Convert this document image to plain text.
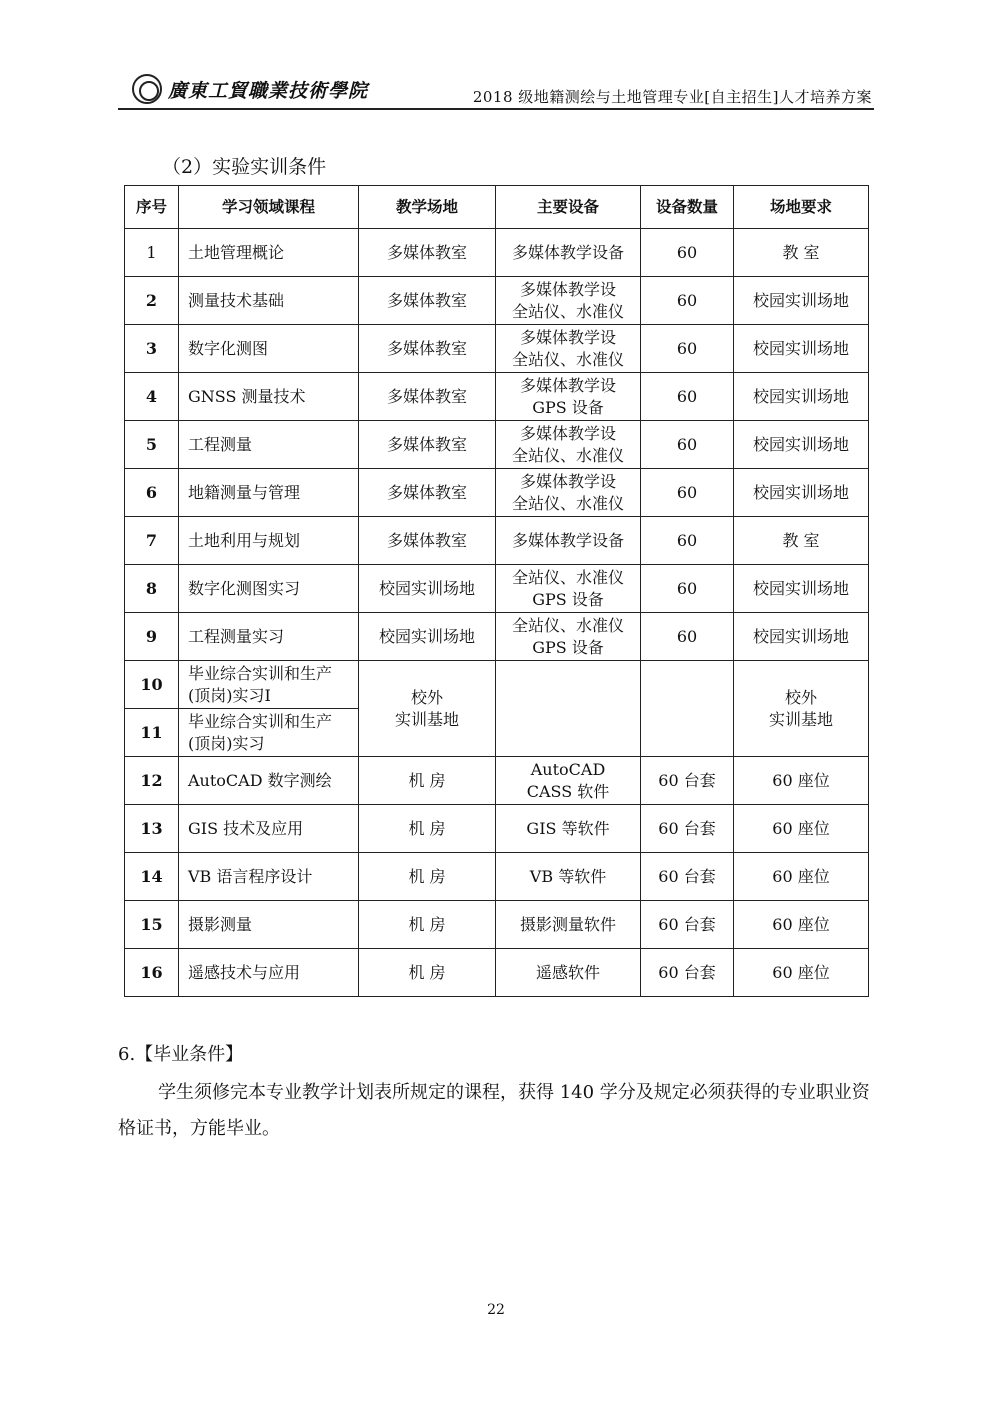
廣東工貿職業技術學院	2018 级地籍测绘与土地管理专业[自主招生]人才培养方案
（2）实验实训条件
序号	学习领域课程	教学场地	主要设备	设备数量	场地要求
1	土地管理概论	多媒体教室	多媒体教学设备	60	教 室

2	测量技术基础	多媒体教室	多媒体教学设
全站仪、水准仪	60	校园实训场地

3	数字化测图	多媒体教室	多媒体教学设
全站仪、水准仪	60	校园实训场地

4	GNSS 测量技术	多媒体教室	多媒体教学设
GPS 设备	60	校园实训场地

5	工程测量	多媒体教室	多媒体教学设
全站仪、水准仪	60	校园实训场地

6	地籍测量与管理	多媒体教室	多媒体教学设
全站仪、水准仪	60	校园实训场地

7	土地利用与规划	多媒体教室	多媒体教学设备	60	教 室

8	数字化测图实习	校园实训场地	全站仪、水准仪
GPS 设备	60	校园实训场地

9	工程测量实习	校园实训场地	全站仪、水准仪
GPS 设备	60	校园实训场地

10	毕业综合实训和生产
(顶岗)实习I	校外
实训基地			校外
实训基地

11	毕业综合实训和生产
(顶岗)实习				

12	AutoCAD 数字测绘	机 房	AutoCAD
CASS 软件	60 台套	60 座位

13	GIS 技术及应用	机 房	GIS 等软件	60 台套	60 座位

14	VB 语言程序设计	机 房	VB 等软件	60 台套	60 座位

15	摄影测量	机 房	摄影测量软件	60 台套	60 座位

16	遥感技术与应用	机 房	遥感软件	60 台套	60 座位
6.【毕业条件】
学生须修完本专业教学计划表所规定的课程，获得 140 学分及规定必须获得的专业职业资格证书，方能毕业。
22
